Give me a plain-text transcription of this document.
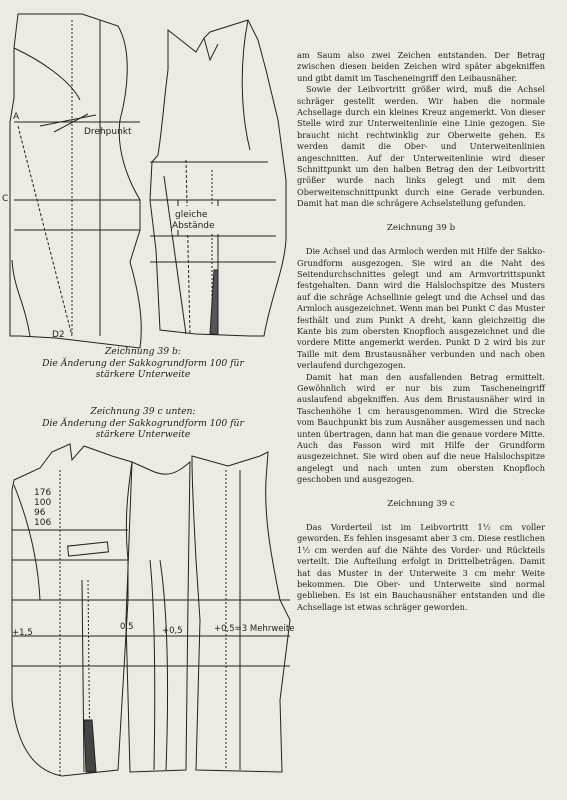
A
Drehpunkt
C
gleiche
Abstände
D2
Zeichnung 39 b:
Die Änderung der Sakkogrundform 100 für
stärkere Unterweite
Zeichnung 39 c unten:
Die Änderung der Sakkogrundform 100 für
stärkere Unterweite
176
100
96
106
+1,5
0,5	+0,5	+0,5=3 Mehrweite

am Saum also zwei Zeichen entstanden. Der Betrag zwischen diesen beiden Zeichen wird später abgekniffen und gibt damit im Tascheneingriff den Leibausnäher.

Sowie der Leibvortritt größer wird, muß die Achsel schräger gestellt werden. Wir haben die normale Achsellage durch ein kleines Kreuz angemerkt. Von dieser Stelle wird zur Unterweitenlinie eine Linie gezogen. Sie braucht nicht rechtwinklig zur Oberweite gehen. Es werden damit die Ober- und Unterweitenlinien angeschnitten. Auf der Unterweitenlinie wird dieser Schnittpunkt um den halben Betrag den der Leibvortritt größer wurde nach links gelegt und mit dem Oberweitenschnittpunkt durch eine Gerade verbunden. Damit hat man die schrägere Achselstellung gefunden.

Zeichnung 39 b

Die Achsel und das Armloch werden mit Hilfe der Sakko-Grundform ausgezogen. Sie wird an die Naht des Seitendurchschnittes gelegt und am Armvortrittspunkt festgehalten. Dann wird die Halslochspitze des Musters auf die schräge Achsellinie gelegt und die Achsel und das Armloch ausgezeichnet. Wenn man bei Punkt C das Muster festhält und zum Punkt A dreht, kann gleichzeitig die Kante bis zum obersten Knopfloch ausgezeichnet und die vordere Mitte angemerkt werden. Punkt D 2 wird bis zur Taille mit dem Brustausnäher verbunden und nach oben verlaufend durchgezogen.

Damit hat man den ausfallenden Betrag ermittelt. Gewöhnlich wird er nur bis zum Tascheneingriff auslaufend abgekniffen. Aus dem Brustausnäher wird in Taschenhöhe 1 cm herausgenommen. Wird die Strecke vom Bauchpunkt bis zum Ausnäher ausgemessen und nach unten übertragen, dann hat man die genaue vordere Mitte. Auch das Fasson wird mit Hilfe der Grundform ausgezeichnet. Sie wird oben auf die neue Halslochspitze angelegt und nach unten zum obersten Knopfloch geschoben und ausgezogen.

Zeichnung 39 c

Das Vorderteil ist im Leibvortritt 1½ cm voller geworden. Es fehlen insgesamt aber 3 cm. Diese restlichen 1½ cm werden auf die Nähte des Vorder- und Rückteils verteilt. Die Aufteilung erfolgt in Drittelbeträgen. Damit hat das Muster in der Unterweite 3 cm mehr Weite bekommen. Die Ober- und Unterweite sind normal geblieben. Es ist ein Bauchausnäher entstanden und die Achsellage ist etwas schräger geworden.
